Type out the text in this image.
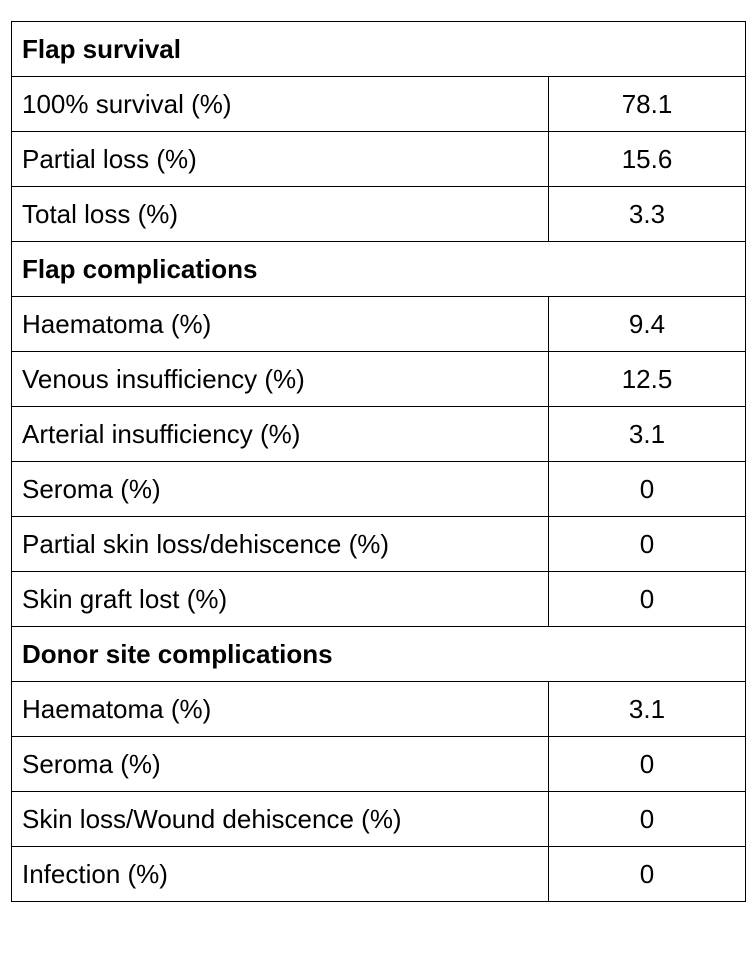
Flap survival	
100% survival (%)	78.1
Partial loss (%)	15.6
Total loss (%)	3.3
Flap complications	
Haematoma (%)	9.4
Venous insufficiency (%)	12.5
Arterial insufficiency (%)	3.1
Seroma (%)	0
Partial skin loss/dehiscence (%)	0
Skin graft lost (%)	0
Donor site complications	
Haematoma (%)	3.1
Seroma (%)	0
Skin loss/Wound dehiscence (%)	0
Infection (%)	0
